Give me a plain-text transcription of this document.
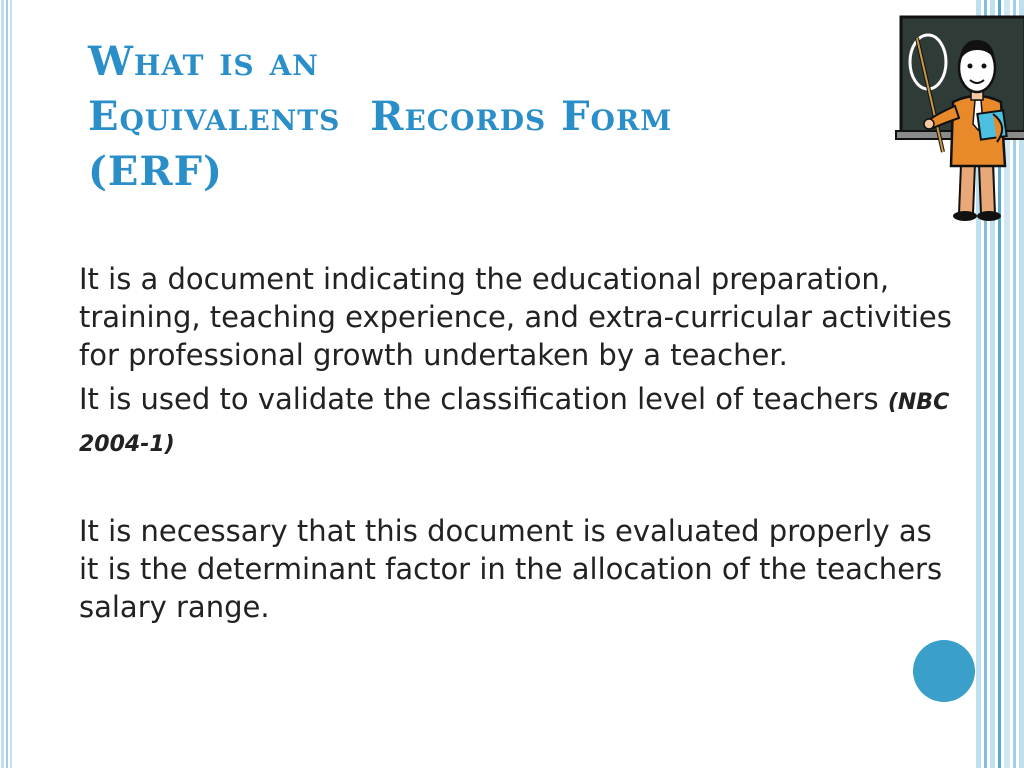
What is an
Equivalents  Records Form
(ERF)

It is a document indicating the educational preparation, training, teaching experience, and extra-curricular activities for professional growth undertaken by a teacher.

It is used to validate the classification level of teachers (NBC 2004-1)

It is necessary that this document is evaluated properly as it is the determinant factor in the allocation of the teachers salary range.
